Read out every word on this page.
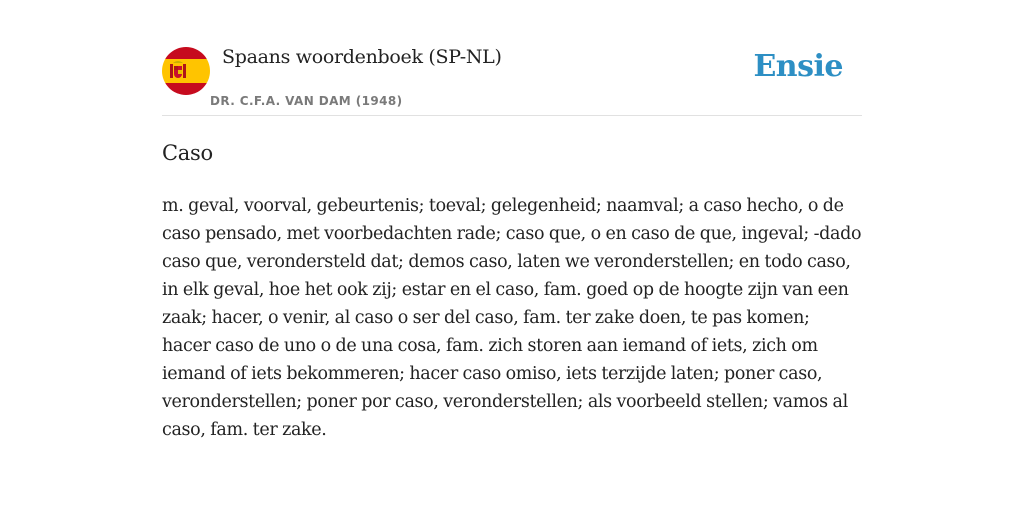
Spaans woordenboek (SP-NL)
DR. C.F.A. VAN DAM (1948)
Ensie
Caso

m. geval, voorval, gebeurtenis; toeval; gelegenheid; naamval; a caso hecho, o de caso pensado, met voorbedachten rade; caso que, o en caso de que, ingeval; -dado caso que, verondersteld dat; demos caso, laten we veronderstellen; en todo caso, in elk geval, hoe het ook zij; estar en el caso, fam. goed op de hoogte zijn van een zaak; hacer, o venir, al caso o ser del caso, fam. ter zake doen, te pas komen; hacer caso de uno o de una cosa, fam. zich storen aan iemand of iets, zich om iemand of iets bekommeren; hacer caso omiso, iets terzijde laten; poner caso, veronderstellen; poner por caso, veronderstellen; als voorbeeld stellen; vamos al caso, fam. ter zake.
